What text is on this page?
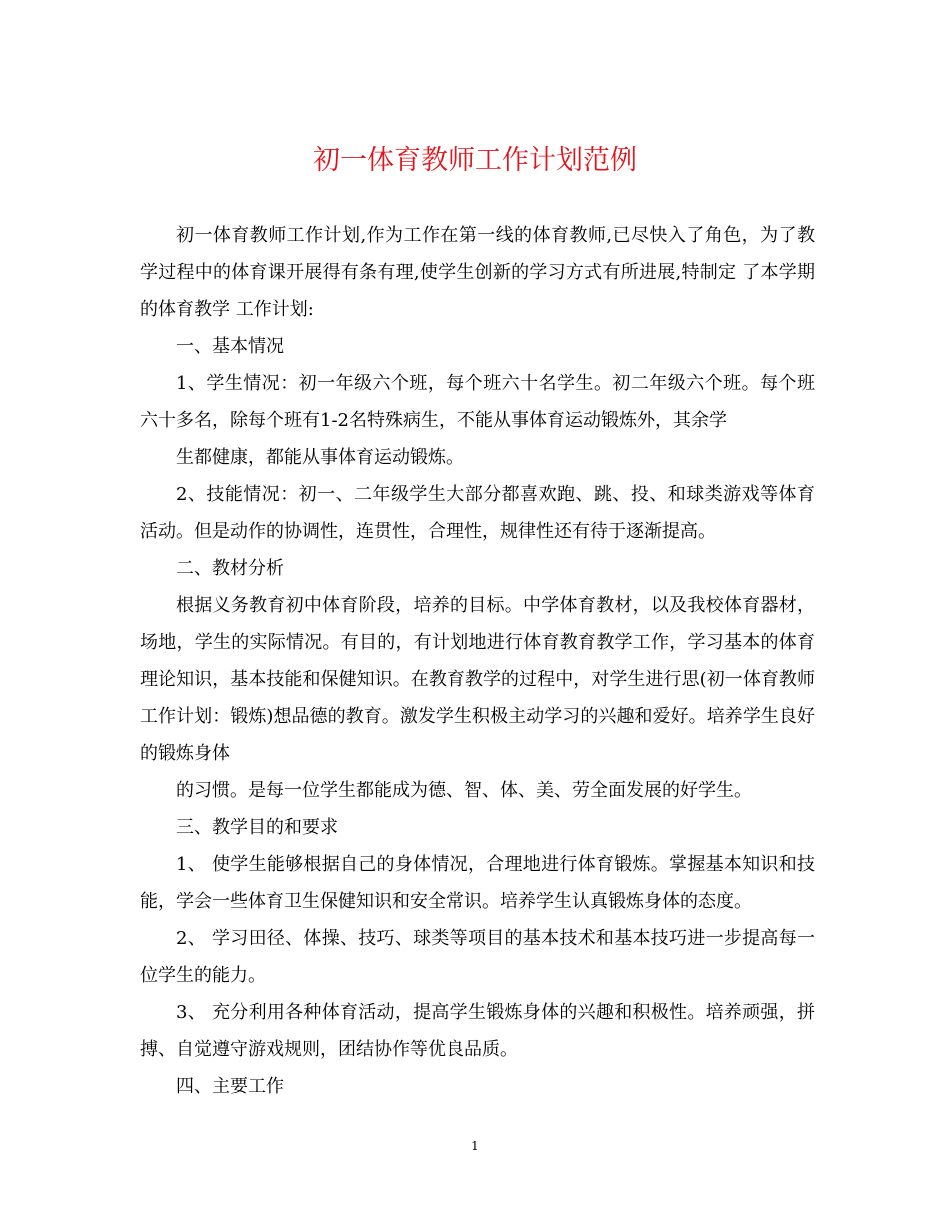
初一体育教师工作计划范例

初一体育教师工作计划,作为工作在第一线的体育教师,已尽快入了角色，为了教学过程中的体育课开展得有条有理,使学生创新的学习方式有所进展,特制定 了本学期的体育教学 工作计划:

一、基本情况

1、学生情况：初一年级六个班，每个班六十名学生。初二年级六个班。每个班六十多名，除每个班有1-2名特殊病生，不能从事体育运动锻炼外，其余学

生都健康，都能从事体育运动锻炼。

2、技能情况：初一、二年级学生大部分都喜欢跑、跳、投、和球类游戏等体育活动。但是动作的协调性，连贯性，合理性，规律性还有待于逐渐提高。

二、教材分析

根据义务教育初中体育阶段，培养的目标。中学体育教材，以及我校体育器材，场地，学生的实际情况。有目的，有计划地进行体育教育教学工作，学习基本的体育理论知识，基本技能和保健知识。在教育教学的过程中，对学生进行思(初一体育教师工作计划：锻炼)想品德的教育。激发学生积极主动学习的兴趣和爱好。培养学生良好的锻炼身体

的习惯。是每一位学生都能成为德、智、体、美、劳全面发展的好学生。

三、教学目的和要求

1、 使学生能够根据自己的身体情况，合理地进行体育锻炼。掌握基本知识和技能，学会一些体育卫生保健知识和安全常识。培养学生认真锻炼身体的态度。

2、 学习田径、体操、技巧、球类等项目的基本技术和基本技巧进一步提高每一位学生的能力。

3、 充分利用各种体育活动，提高学生锻炼身体的兴趣和积极性。培养顽强，拼搏、自觉遵守游戏规则，团结协作等优良品质。

四、主要工作

1
